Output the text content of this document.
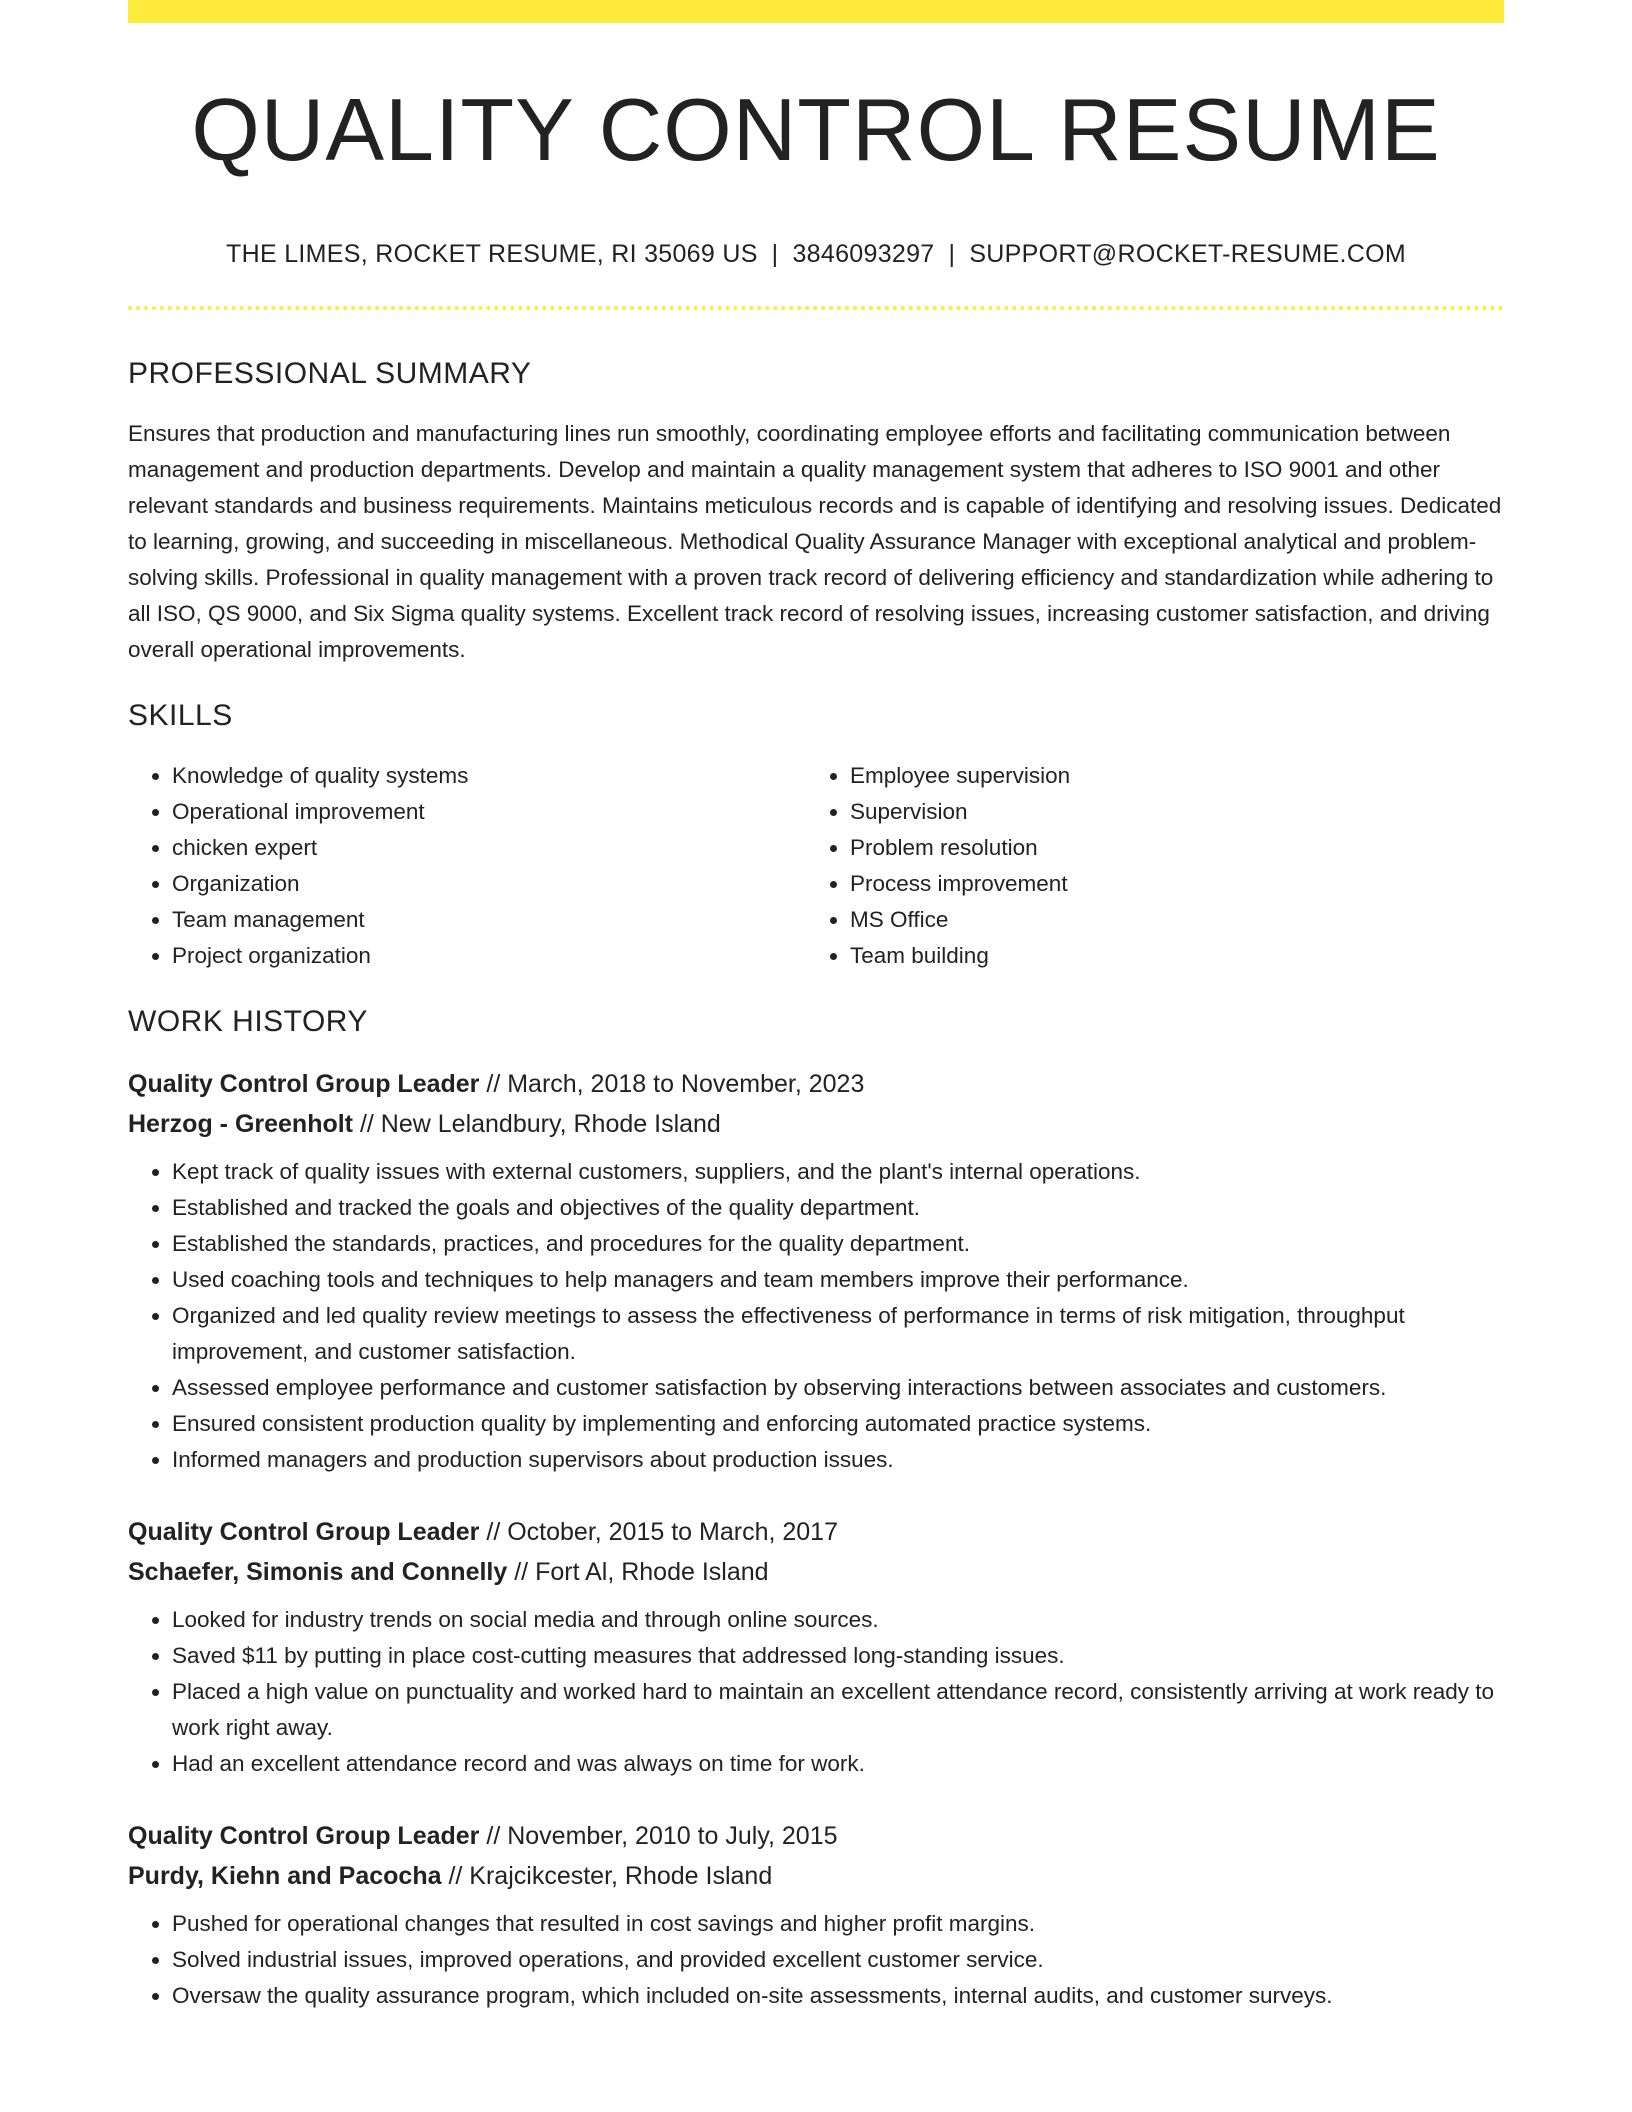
QUALITY CONTROL RESUME
THE LIMES, ROCKET RESUME, RI 35069 US | 3846093297 | SUPPORT@ROCKET-RESUME.COM
PROFESSIONAL SUMMARY

Ensures that production and manufacturing lines run smoothly, coordinating employee efforts and facilitating communication between management and production departments. Develop and maintain a quality management system that adheres to ISO 9001 and other relevant standards and business requirements. Maintains meticulous records and is capable of identifying and resolving issues. Dedicated to learning, growing, and succeeding in miscellaneous. Methodical Quality Assurance Manager with exceptional analytical and problem-solving skills. Professional in quality management with a proven track record of delivering efficiency and standardization while adhering to all ISO, QS 9000, and Six Sigma quality systems. Excellent track record of resolving issues, increasing customer satisfaction, and driving overall operational improvements.

SKILLS
• Knowledge of quality systems
• Operational improvement
• chicken expert
• Organization
• Team management
• Project organization
• Employee supervision
• Supervision
• Problem resolution
• Process improvement
• MS Office
• Team building
WORK HISTORY
Quality Control Group Leader // March, 2018 to November, 2023
Herzog - Greenholt // New Lelandbury, Rhode Island
• Kept track of quality issues with external customers, suppliers, and the plant's internal operations.
• Established and tracked the goals and objectives of the quality department.
• Established the standards, practices, and procedures for the quality department.
• Used coaching tools and techniques to help managers and team members improve their performance.
• Organized and led quality review meetings to assess the effectiveness of performance in terms of risk mitigation, throughput improvement, and customer satisfaction.
• Assessed employee performance and customer satisfaction by observing interactions between associates and customers.
• Ensured consistent production quality by implementing and enforcing automated practice systems.
• Informed managers and production supervisors about production issues.
Quality Control Group Leader // October, 2015 to March, 2017
Schaefer, Simonis and Connelly // Fort Al, Rhode Island
• Looked for industry trends on social media and through online sources.
• Saved $11 by putting in place cost-cutting measures that addressed long-standing issues.
• Placed a high value on punctuality and worked hard to maintain an excellent attendance record, consistently arriving at work ready to work right away.
• Had an excellent attendance record and was always on time for work.
Quality Control Group Leader // November, 2010 to July, 2015
Purdy, Kiehn and Pacocha // Krajcikcester, Rhode Island
• Pushed for operational changes that resulted in cost savings and higher profit margins.
• Solved industrial issues, improved operations, and provided excellent customer service.
• Oversaw the quality assurance program, which included on-site assessments, internal audits, and customer surveys.
